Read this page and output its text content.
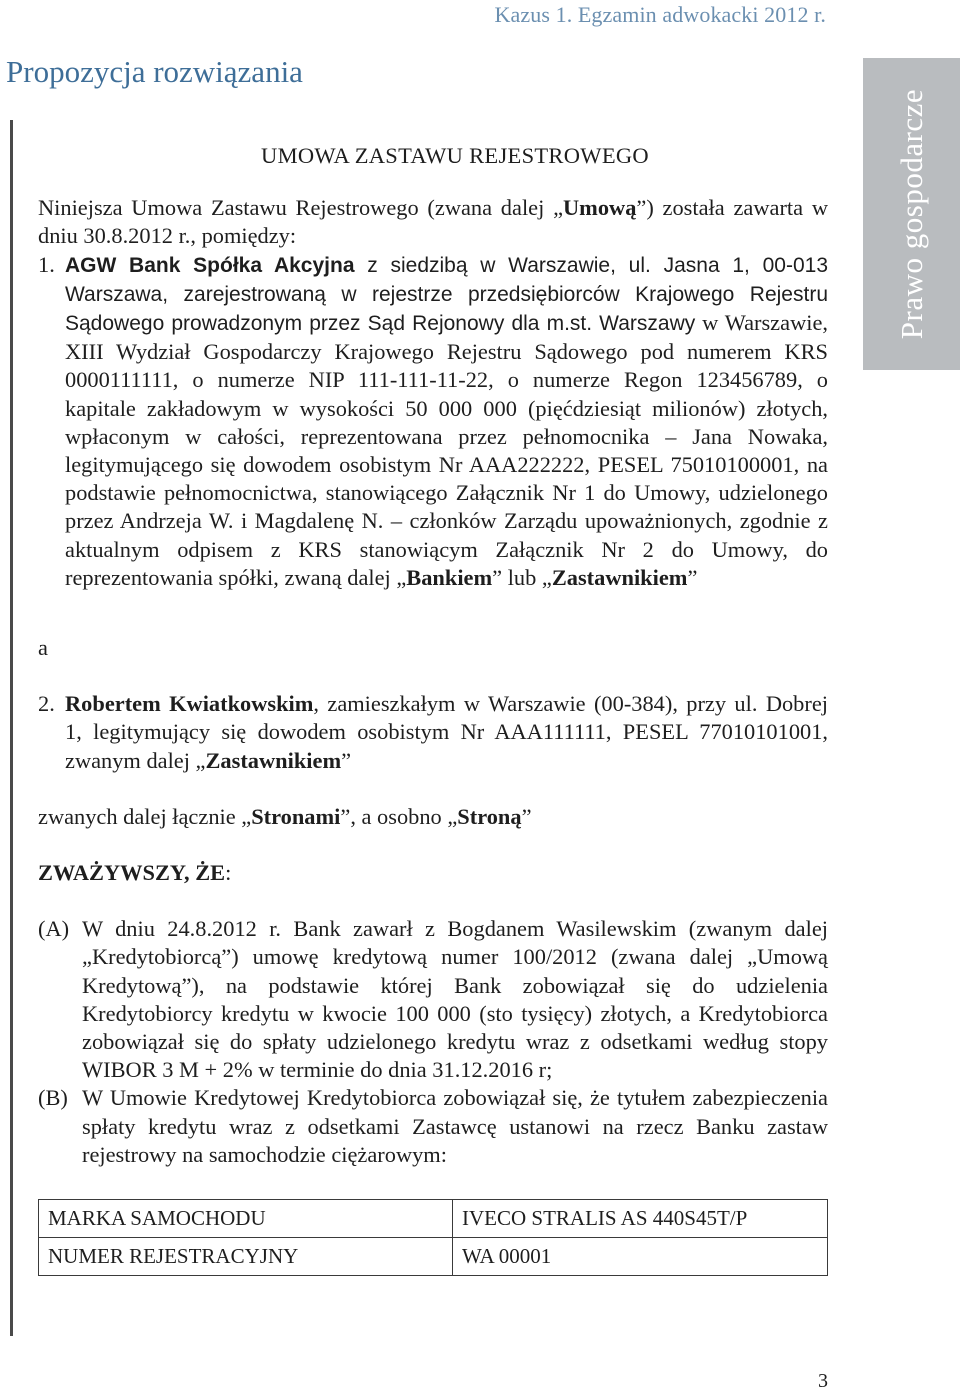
Kazus 1. Egzamin adwokacki 2012 r.
Propozycja rozwiązania
Prawo gospodarcze

UMOWA ZASTAWU REJESTROWEGO

Niniejsza Umowa Zastawu Rejestrowego (zwana dalej „Umową”) została zawarta w dniu 30.8.2012 r., pomiędzy:

1. AGW Bank Spółka Akcyjna z siedzibą w Warszawie, ul. Jasna 1, 00-013 Warszawa, zarejestrowaną w rejestrze przedsiębiorców Krajowego Rejestru Sądowego prowadzonym przez Sąd Rejonowy dla m.st. Warszawy w Warszawie, XIII Wydział Gospodarczy Krajowego Rejestru Sądowego pod numerem KRS 0000111111, o numerze NIP 111-111-11-22, o numerze Regon 123456789, o kapitale zakładowym w wysokości 50 000 000 (pięćdziesiąt milionów) złotych, wpłaconym w całości, reprezentowana przez pełnomocnika – Jana Nowaka, legitymującego się dowodem osobistym Nr AAA222222, PESEL 75010100001, na podstawie pełnomocnictwa, stanowiącego Załącznik Nr 1 do Umowy, udzielonego przez Andrzeja W. i Magdalenę N. – członków Zarządu upoważnionych, zgodnie z aktualnym odpisem z KRS stanowiącym Załącznik Nr 2 do Umowy, do reprezentowania spółki, zwaną dalej „Bankiem” lub „Zastawnikiem”

a

2. Robertem Kwiatkowskim, zamieszkałym w Warszawie (00-384), przy ul. Dobrej 1, legitymujący się dowodem osobistym Nr AAA111111, PESEL 77010101001, zwanym dalej „Zastawnikiem”

zwanych dalej łącznie „Stronami”, a osobno „Stroną”

ZWAŻYWSZY, ŻE:

(A) W dniu 24.8.2012 r. Bank zawarł z Bogdanem Wasilewskim (zwanym dalej „Kredytobiorcą”) umowę kredytową numer 100/2012 (zwana dalej „Umową Kredytową”), na podstawie której Bank zobowiązał się do udzielenia Kredytobiorcy kredytu w kwocie 100 000 (sto tysięcy) złotych, a Kredytobiorca zobowiązał się do spłaty udzielonego kredytu wraz z odsetkami według stopy WIBOR 3 M + 2% w terminie do dnia 31.12.2016 r;

(B) W Umowie Kredytowej Kredytobiorca zobowiązał się, że tytułem zabezpieczenia spłaty kredytu wraz z odsetkami Zastawcę ustanowi na rzecz Banku zastaw rejestrowy na samochodzie ciężarowym:

MARKA SAMOCHODU	IVECO STRALIS AS 440S45T/P
NUMER REJESTRACYJNY	WA 00001
3
